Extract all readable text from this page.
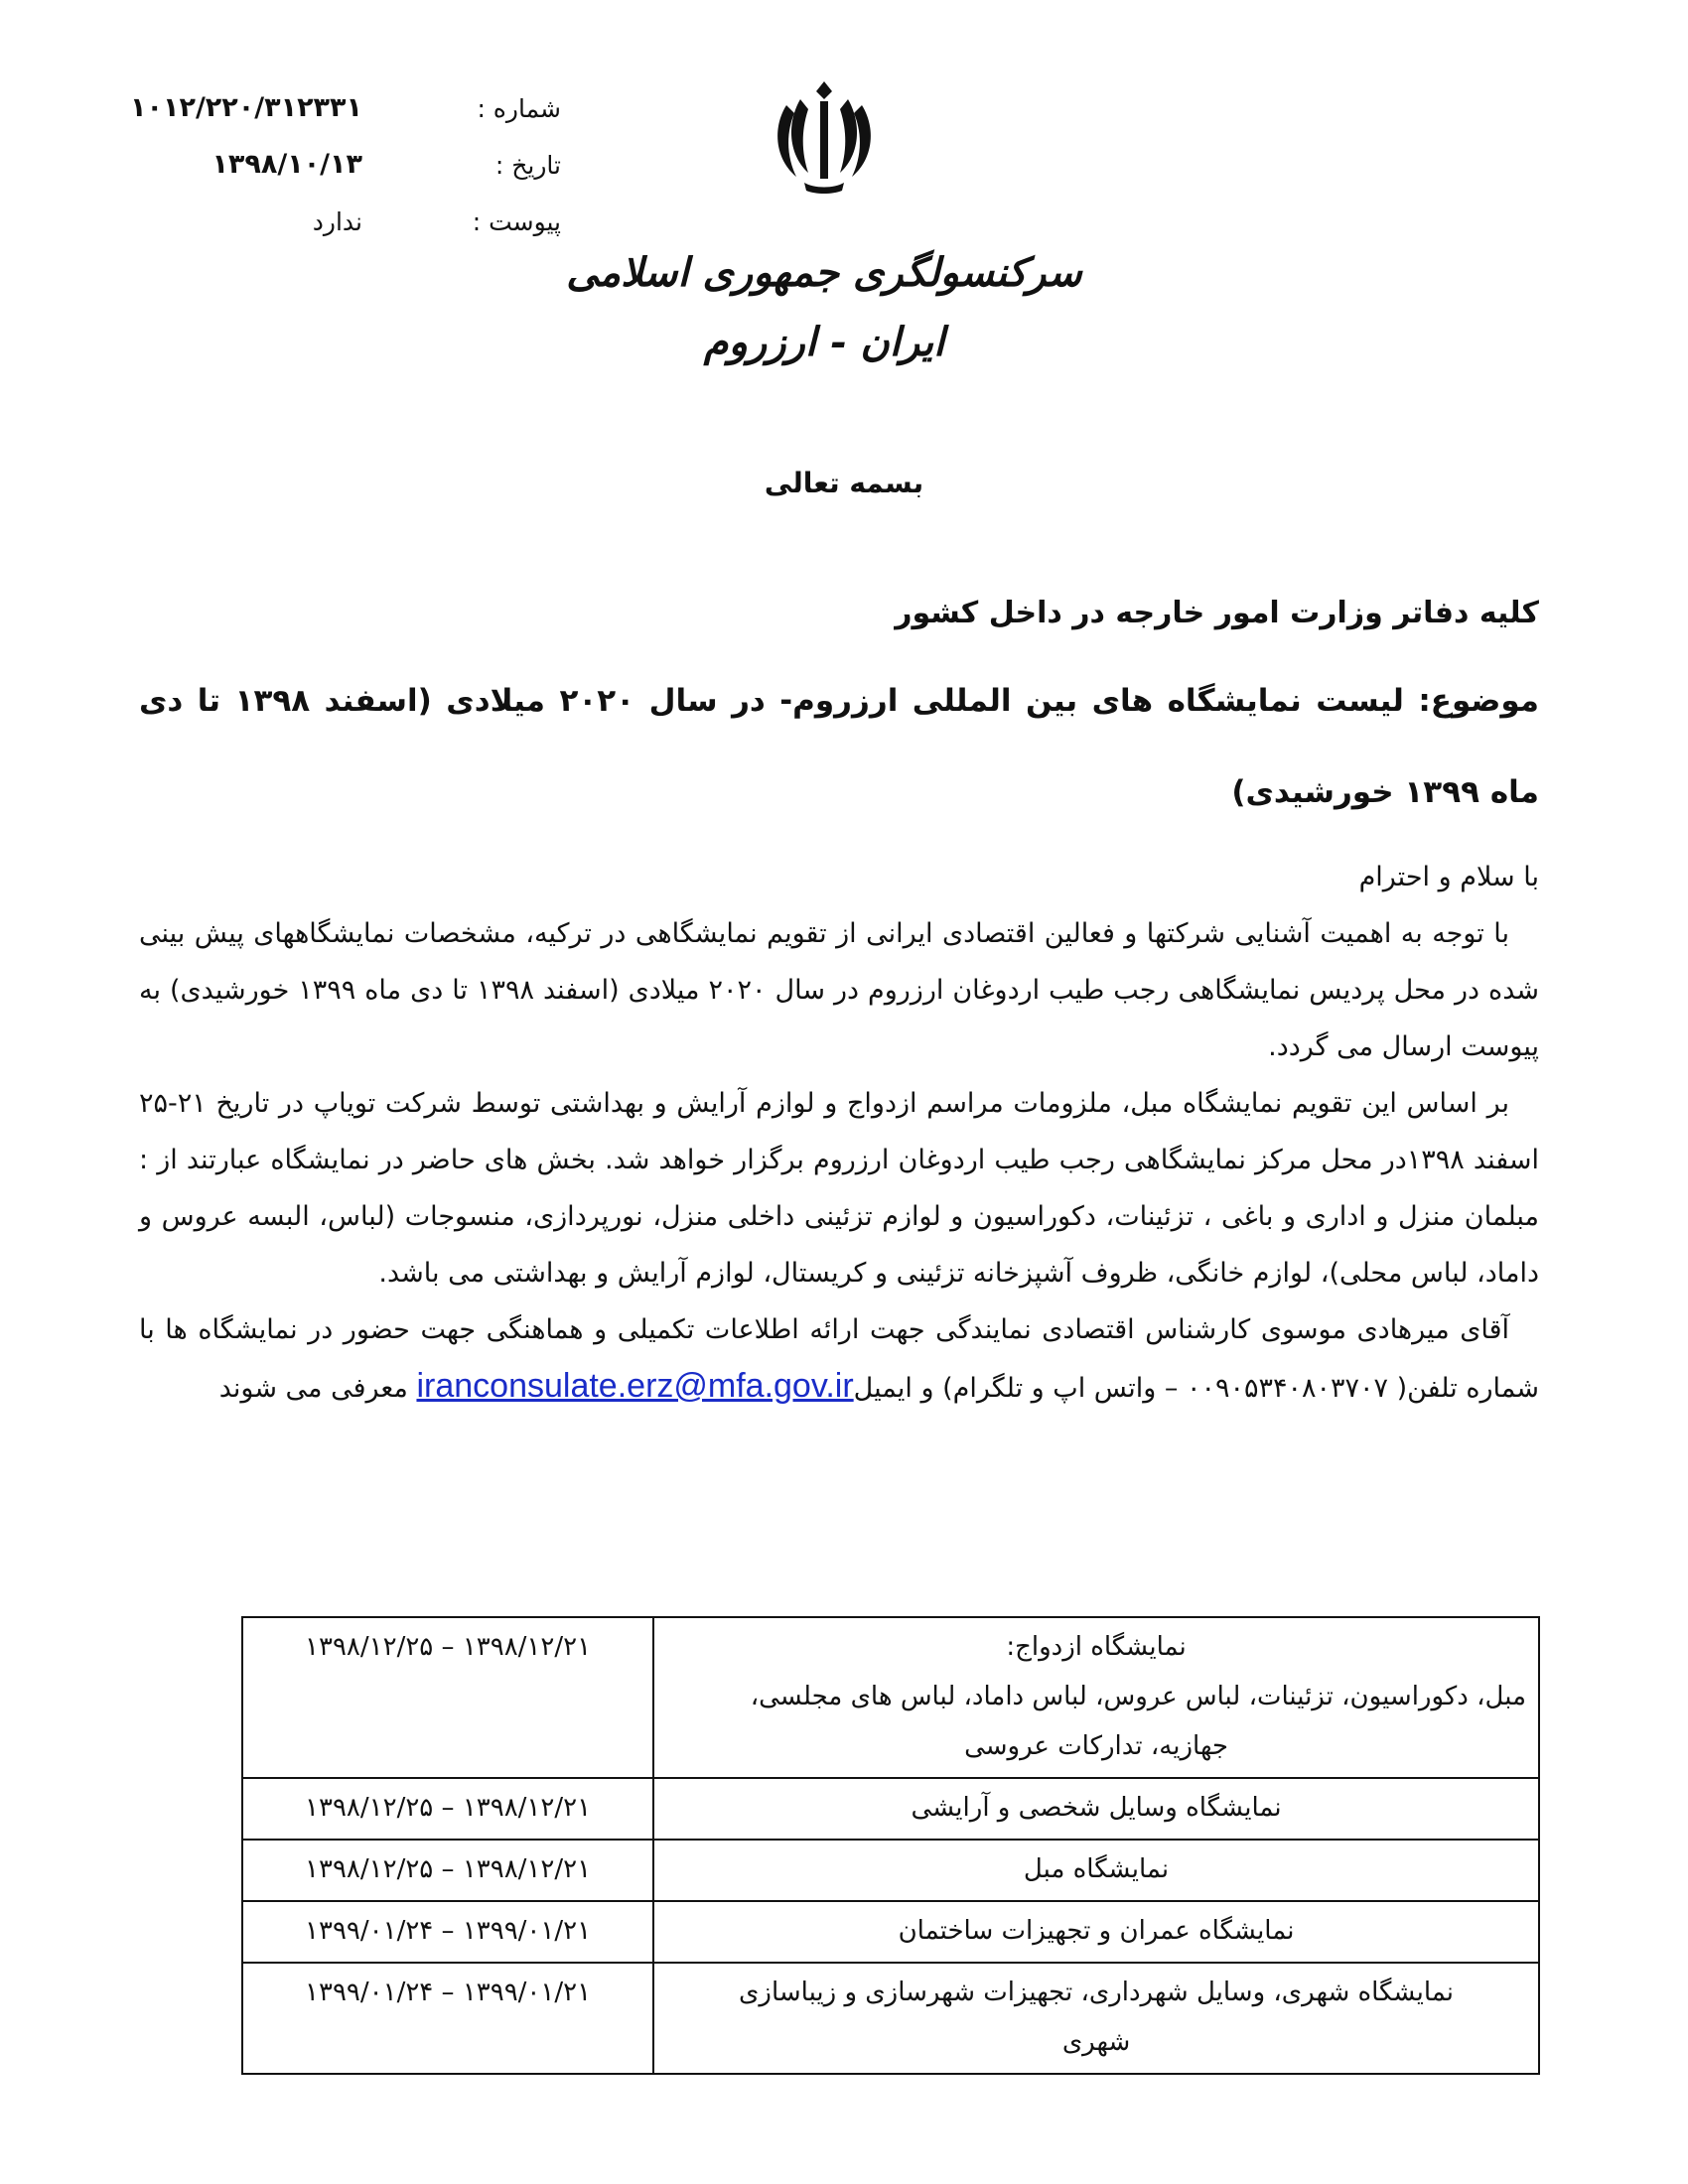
شماره :
۱۰۱۲/۲۲۰/۳۱۲۳۳۱
تاریخ :
۱۳۹۸/۱۰/۱۳
پیوست :
ندارد
سرکنسولگری جمهوری اسلامی ایران - ارزروم
بسمه تعالی
کلیه دفاتر وزارت امور خارجه در داخل کشور
موضوع: لیست نمایشگاه های بین المللی ارزروم- در سال ۲۰۲۰ میلادی (اسفند ۱۳۹۸ تا دی ماه ۱۳۹۹ خورشیدی)

با سلام و احترام

با توجه به اهمیت آشنایی شرکتها و فعالین اقتصادی ایرانی از تقویم نمایشگاهی در ترکیه، مشخصات نمایشگاههای پیش بینی شده در محل پردیس نمایشگاهی رجب طیب اردوغان ارزروم در سال ۲۰۲۰ میلادی (اسفند ۱۳۹۸ تا دی ماه ۱۳۹۹ خورشیدی) به پیوست ارسال می گردد.

بر اساس این تقویم نمایشگاه مبل، ملزومات مراسم ازدواج و لوازم آرایش و بهداشتی توسط شرکت تویاپ در تاریخ ۲۱-۲۵ اسفند ۱۳۹۸در محل مرکز نمایشگاهی رجب طیب اردوغان ارزروم برگزار خواهد شد. بخش های حاضر در نمایشگاه عبارتند از : مبلمان منزل و اداری و باغی ، تزئینات، دکوراسیون و لوازم تزئینی داخلی منزل، نورپردازی، منسوجات (لباس، البسه عروس و داماد، لباس محلی)، لوازم خانگی، ظروف آشپزخانه تزئینی و کریستال، لوازم آرایش و بهداشتی می باشد.

آقای میرهادی موسوی کارشناس اقتصادی نمایندگی جهت ارائه اطلاعات تکمیلی و هماهنگی جهت حضور در نمایشگاه ها با شماره تلفن( ۰۰۹۰۵۳۴۰۸۰۳۷۰۷ – واتس اپ و تلگرام) و ایمیلiranconsulate.erz@mfa.gov.ir معرفی می شوند

نمایشگاه ازدواج:
مبل، دکوراسیون، تزئینات، لباس عروس، لباس داماد، لباس های مجلسی،
جهازیه، تدارکات عروسی	۱۳۹۸/۱۲/۲۱ – ۱۳۹۸/۱۲/۲۵

نمایشگاه وسایل شخصی و آرایشی	۱۳۹۸/۱۲/۲۱ – ۱۳۹۸/۱۲/۲۵

نمایشگاه مبل	۱۳۹۸/۱۲/۲۱ – ۱۳۹۸/۱۲/۲۵

نمایشگاه عمران و تجهیزات ساختمان	۱۳۹۹/۰۱/۲۱ – ۱۳۹۹/۰۱/۲۴

نمایشگاه شهری، وسایل شهرداری، تجهیزات شهرسازی و زیباسازی
شهری	۱۳۹۹/۰۱/۲۱ – ۱۳۹۹/۰۱/۲۴
